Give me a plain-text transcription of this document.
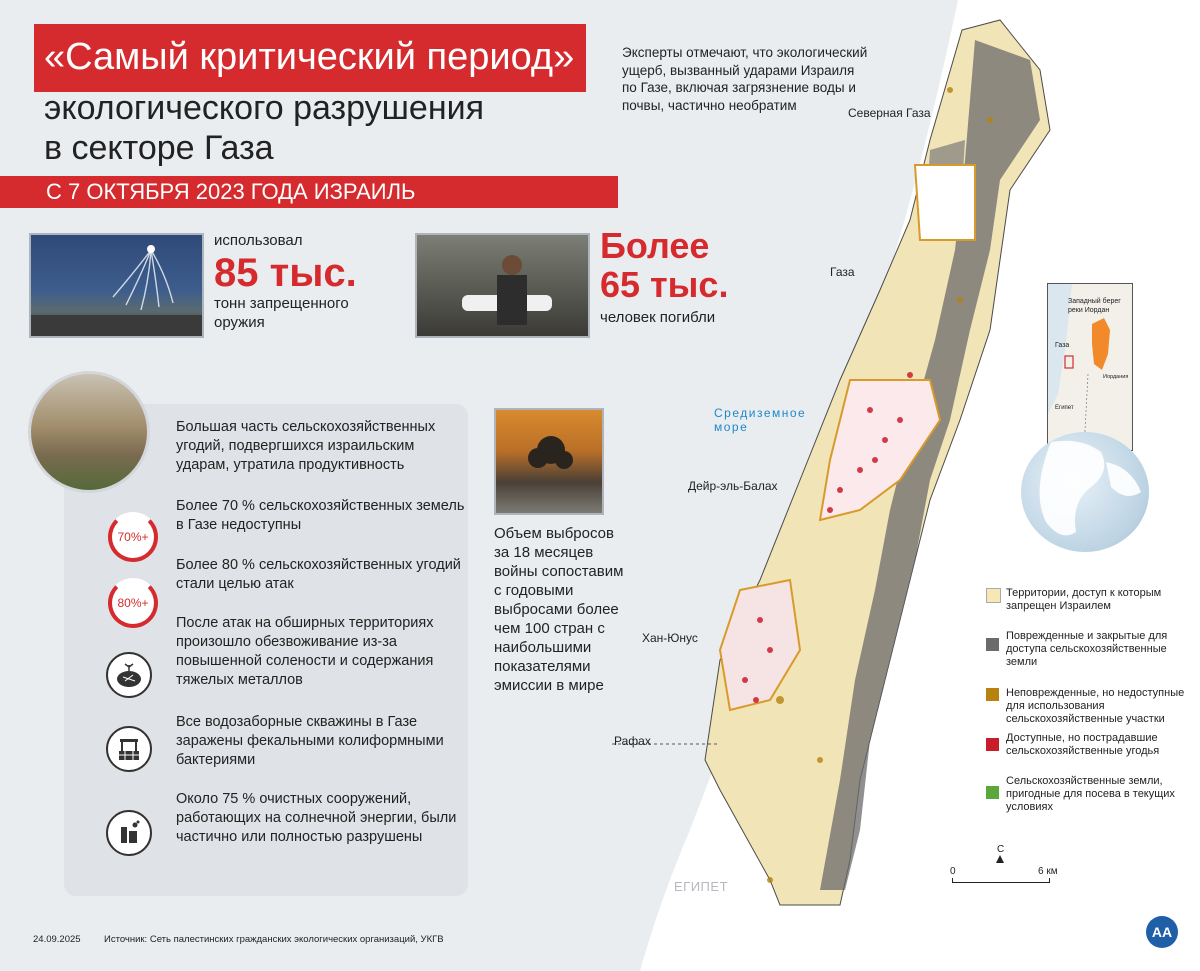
«Самый критический период»
экологического разрушения
в секторе Газа
С 7 ОКТЯБРЯ 2023 ГОДА ИЗРАИЛЬ
Эксперты отмечают, что экологический ущерб, вызванный ударами Израиля по Газе, включая загрязнение воды и почвы, частично необратим
использовал
85 тыс.
тонн запрещенного оружия
Более
65 тыс.
человек погибли
Большая часть сельскохозяйственных угодий, подвергшихся израильским ударам, утратила продуктивность
70%+
Более 70 % сельскохозяйственных земель в Газе недоступны
80%+
Более 80 % сельскохозяйственных угодий стали целью атак
После атак на обширных территориях произошло обезвоживание из-за повышенной солености и содержания тяжелых металлов
Все водозаборные скважины в Газе заражены фекальными колиформными бактериями
Около 75 % очистных сооружений, работающих на солнечной энергии, были частично или полностью разрушены
Объем выбросов за 18 месяцев войны сопоставим с годовыми выбросами более чем 100 стран с наибольшими показателями эмиссии в мире
Северная Газа
Газа
Средиземное
море
Дейр-эль-Балах
Хан-Юнус
Рафах
ЕГИПЕТ
Западный берег реки Иордан
Газа
Иордания
Египет
Территории, доступ к которым запрещен Израилем
Поврежденные и закрытые для доступа сельскохозяйственные земли
Неповрежденные, но недоступные для использования сельскохозяйственные участки
Доступные, но пострадавшие сельскохозяйственные угодья
Сельскохозяйственные земли, пригодные для посева в текущих условиях
С
0	6 км
24.09.2025 Источник: Сеть палестинских гражданских экологических организаций, УКГВ	AA
